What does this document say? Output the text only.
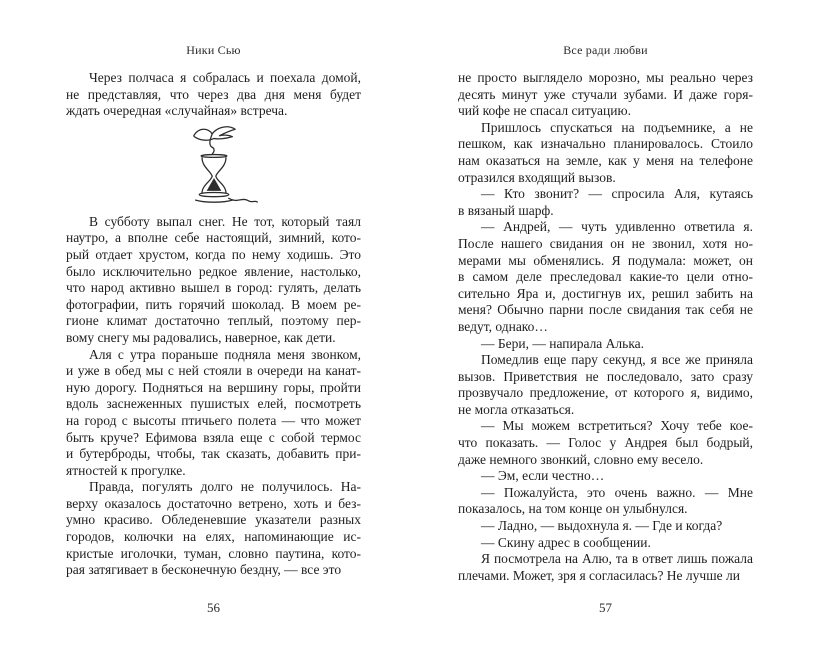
Ники Сью
Через полчаса я собралась и поехала домой,
не представляя, что через два дня меня будет
ждать очередная «случайная» встреча.
В субботу выпал снег. Не тот, который таял
наутро, а вполне себе настоящий, зимний, кото-
рый отдает хрустом, когда по нему ходишь. Это
было исключительно редкое явление, настолько,
что народ активно вышел в город: гулять, делать
фотографии, пить горячий шоколад. В моем ре-
гионе климат достаточно теплый, поэтому пер-
вому снегу мы радовались, наверное, как дети.
Аля с утра пораньше подняла меня звонком,
и уже в обед мы с ней стояли в очереди на канат-
ную дорогу. Подняться на вершину горы, пройти
вдоль заснеженных пушистых елей, посмотреть
на город с высоты птичьего полета — что может
быть круче? Ефимова взяла еще с собой термос
и бутерброды, чтобы, так сказать, добавить при-
ятностей к прогулке.
Правда, погулять долго не получилось. На-
верху оказалось достаточно ветрено, хоть и без-
умно красиво. Обледеневшие указатели разных
городов, колючки на елях, напоминающие ис-
кристые иголочки, туман, словно паутина, кото-
рая затягивает в бесконечную бездну, — все это
56
Все ради любви
не просто выглядело морозно, мы реально через
десять минут уже стучали зубами. И даже горя-
чий кофе не спасал ситуацию.
Пришлось спускаться на подъемнике, а не
пешком, как изначально планировалось. Стоило
нам оказаться на земле, как у меня на телефоне
отразился входящий вызов.
— Кто звонит? — спросила Аля, кутаясь
в вязаный шарф.
— Андрей, — чуть удивленно ответила я.
После нашего свидания он не звонил, хотя но-
мерами мы обменялись. Я подумала: может, он
в самом деле преследовал какие-то цели отно-
сительно Яра и, достигнув их, решил забить на
меня? Обычно парни после свидания так себя не
ведут, однако…
— Бери, — напирала Алька.
Помедлив еще пару секунд, я все же приняла
вызов. Приветствия не последовало, зато сразу
прозвучало предложение, от которого я, видимо,
не могла отказаться.
— Мы можем встретиться? Хочу тебе кое-
что показать. — Голос у Андрея был бодрый,
даже немного звонкий, словно ему весело.
— Эм, если честно…
— Пожалуйста, это очень важно. — Мне
показалось, на том конце он улыбнулся.
— Ладно, — выдохнула я. — Где и когда?
— Скину адрес в сообщении.
Я посмотрела на Алю, та в ответ лишь пожала
плечами. Может, зря я согласилась? Не лучше ли
57
